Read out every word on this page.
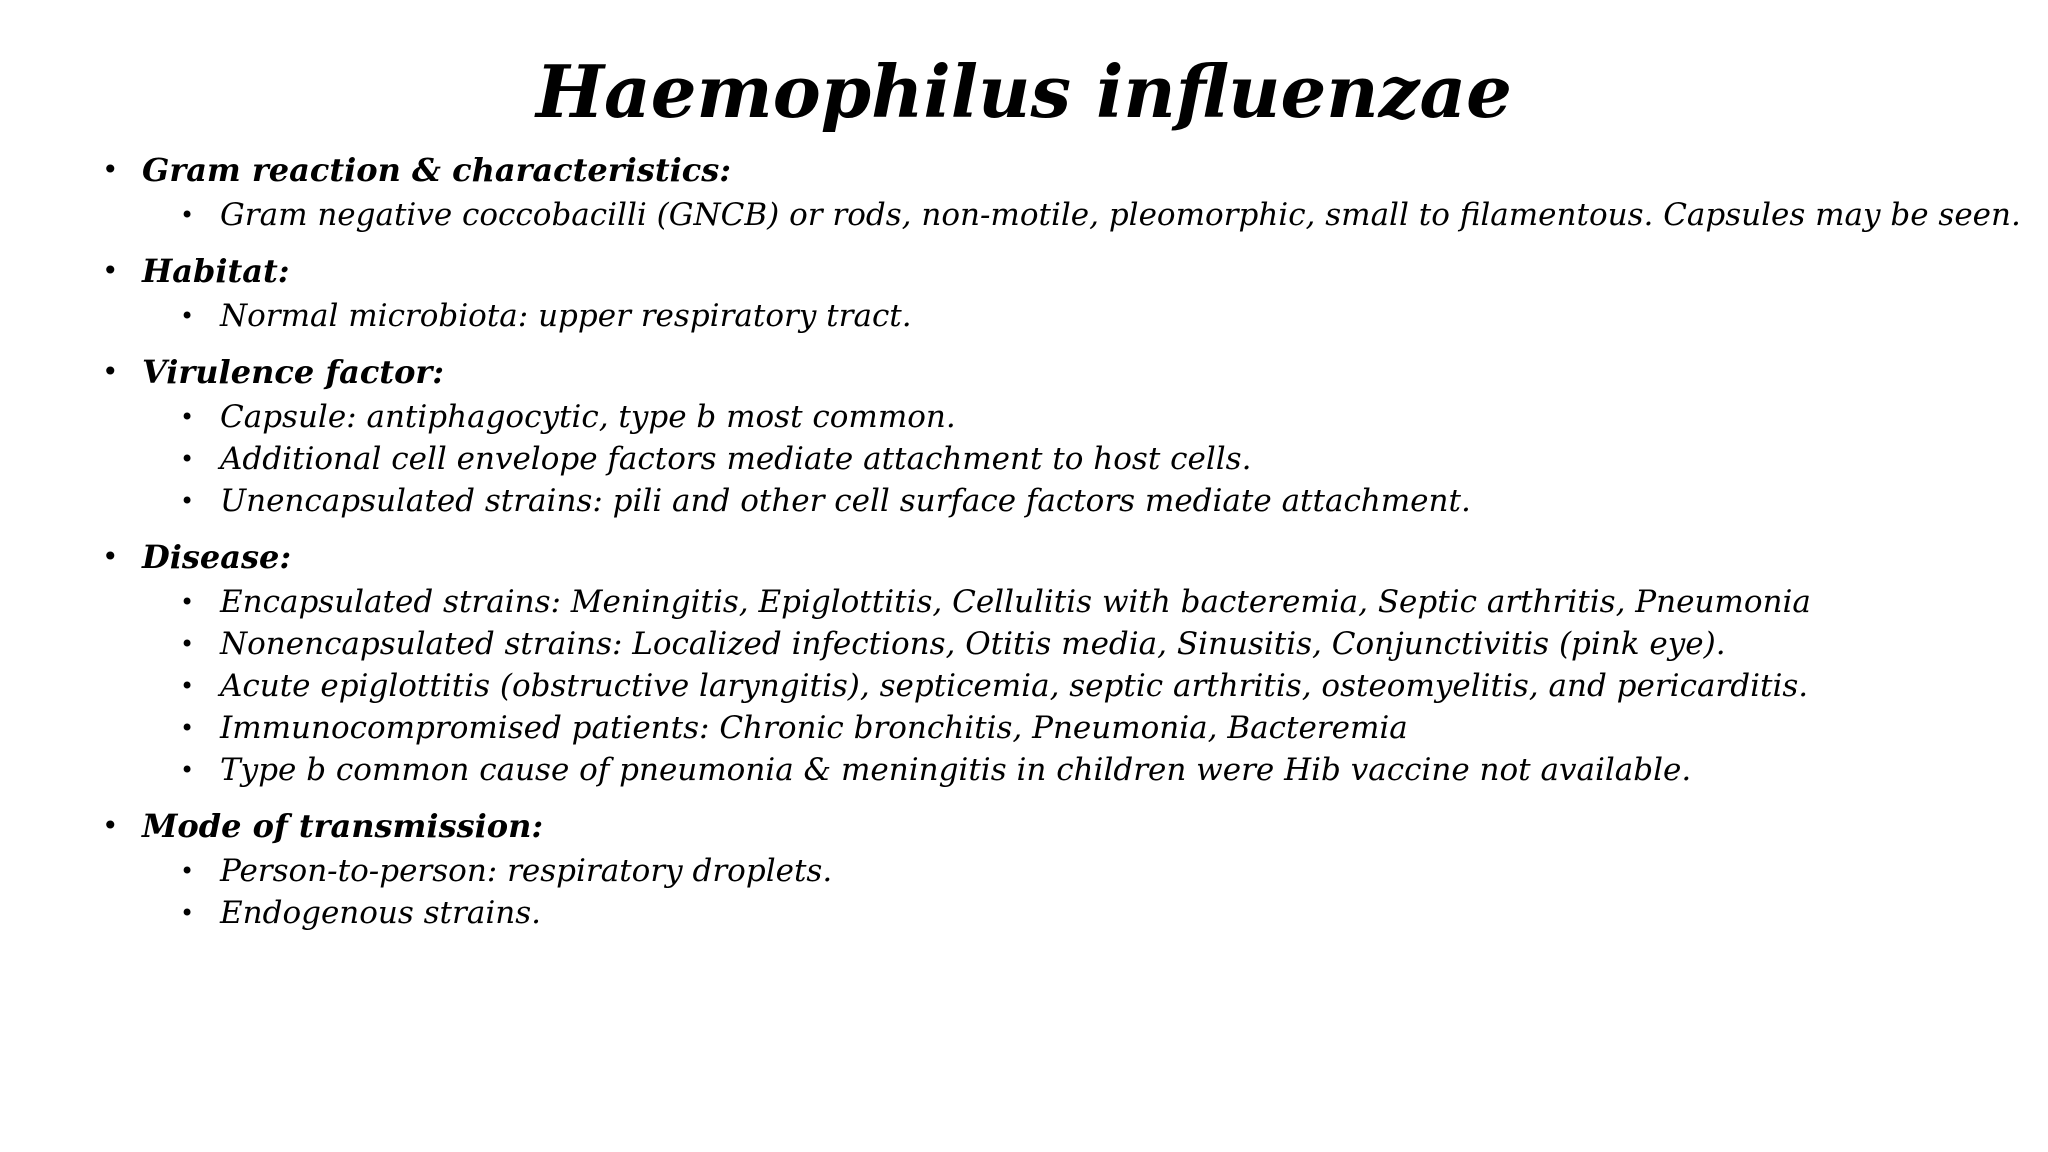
Haemophilus influenzae
• Gram reaction & characteristics:
• Gram negative coccobacilli (GNCB) or rods, non-motile, pleomorphic, small to filamentous. Capsules may be seen.
• Habitat:
• Normal microbiota: upper respiratory tract.
• Virulence factor:
• Capsule: antiphagocytic, type b most common.
• Additional cell envelope factors mediate attachment to host cells.
• Unencapsulated strains: pili and other cell surface factors mediate attachment.
• Disease:
• Encapsulated strains: Meningitis, Epiglottitis, Cellulitis with bacteremia, Septic arthritis, Pneumonia
• Nonencapsulated strains: Localized infections, Otitis media, Sinusitis, Conjunctivitis (pink eye).
• Acute epiglottitis (obstructive laryngitis), septicemia, septic arthritis, osteomyelitis, and pericarditis.
• Immunocompromised patients: Chronic bronchitis, Pneumonia, Bacteremia
• Type b common cause of pneumonia & meningitis in children were Hib vaccine not available.
• Mode of transmission:
• Person-to-person: respiratory droplets.
• Endogenous strains.
